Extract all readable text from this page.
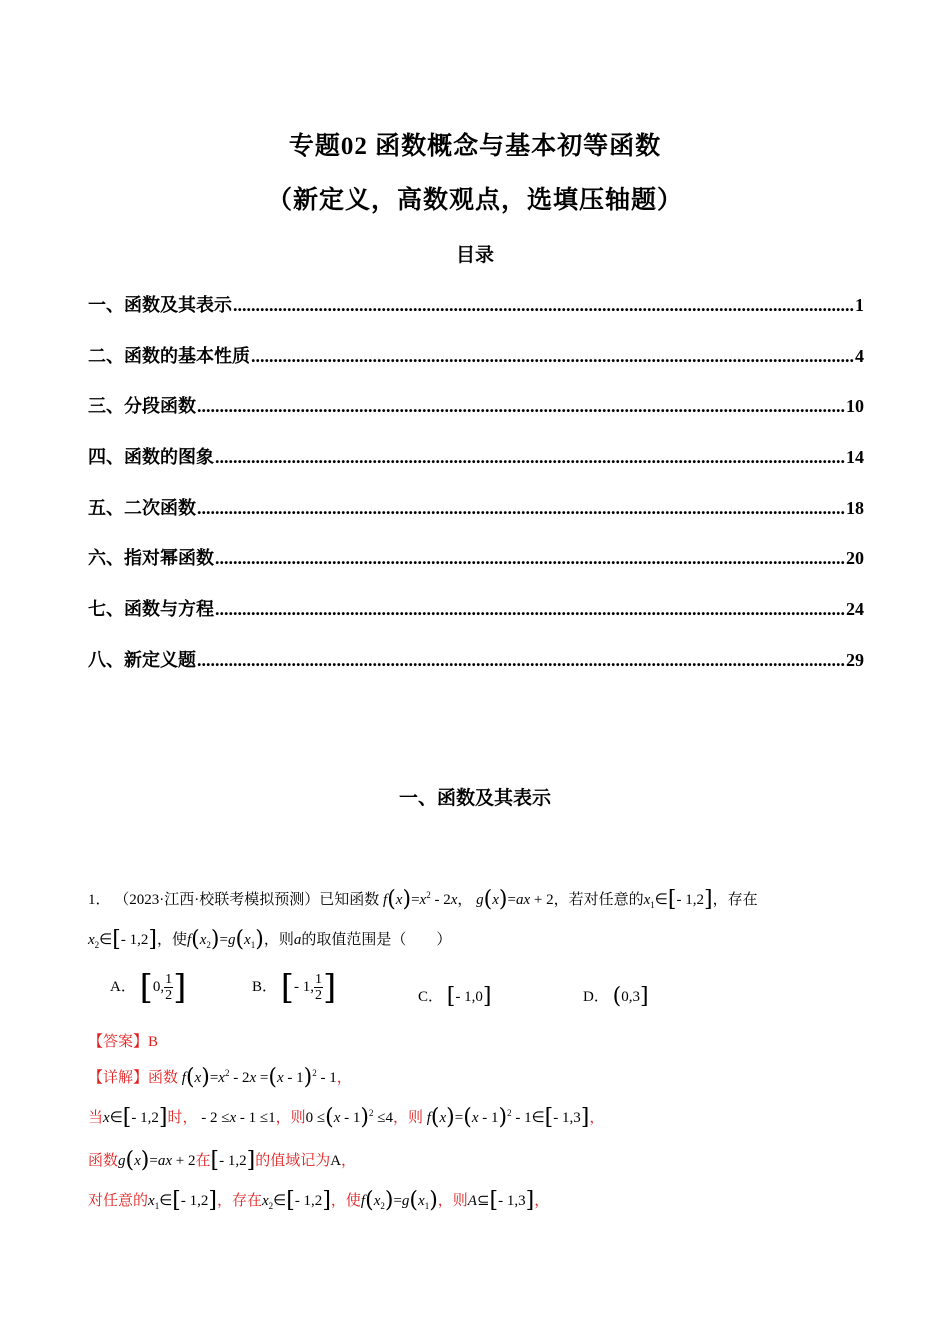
专题02 函数概念与基本初等函数
（新定义，高数观点，选填压轴题）
目录
一、函数及其表示 .....	1
二、函数的基本性质 .....	4
三、分段函数 .....	10
四、函数的图象 .....	14
五、二次函数 .....	18
六、指对幂函数 .....	20
七、函数与方程 .....	24
八、新定义题 .....	29
一、函数及其表示
1． （2023·江西·校联考模拟预测）已知函数 $f(x)=x^2 - 2x$， g(x)=ax + 2，若对任意的$x_1\in[-$ 1,2]，存在
$x_2\in[-$ 1,2]，使$f(x_2)=g(x_1)$，则a的取值范围是（　　）
A． [0, $\frac{1}{2}$ ]	B． [- 1, $\frac{1}{2}$ ]	C． [- 1,0]	D． (0,3]
【答案】B
【详解】函数 $f(x)=x^2 - 2x =(x - 1)^2 - 1$，
当x∈[- 1,2]时， - 2 ≤x - 1 ≤1，则0 ≤(x - 1)$^2$ ≤4，则 f(x)=(x - 1)$^2$ - 1∈[- 1,3]，
函数g(x)=ax + 2在[- 1,2]的值域记为A，
对任意的$x_1\in[-$ 1,2]，存在$x_2\in[-$ 1,2]，使$f(x_2)=g(x_1)$，则A⊆[- 1,3]，
